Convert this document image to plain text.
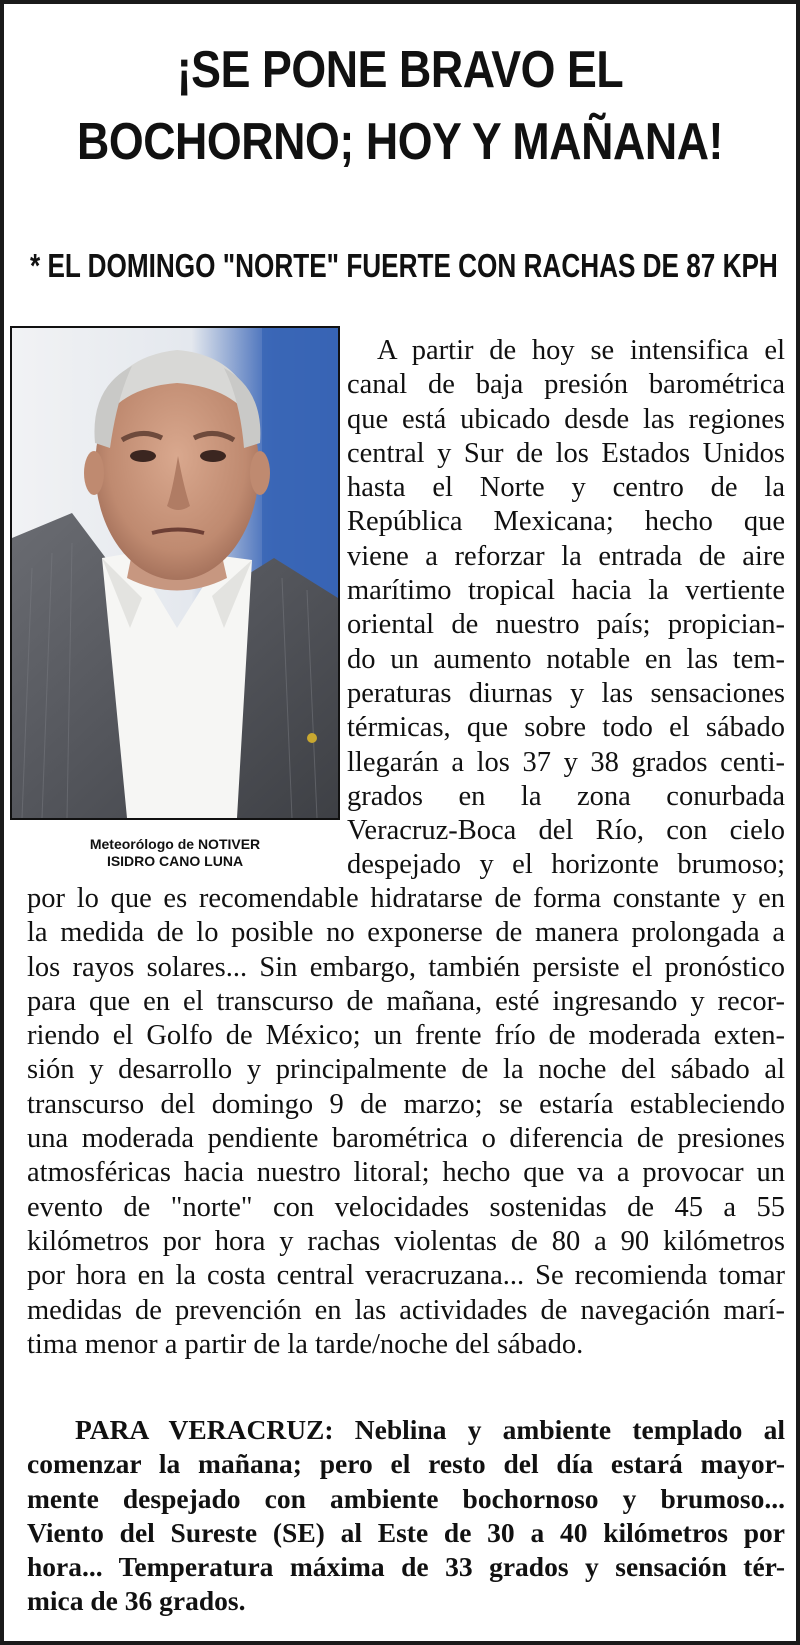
¡SE PONE BRAVO EL
BOCHORNO; HOY Y MAÑANA!
* EL DOMINGO "NORTE" FUERTE CON RACHAS DE 87 KPH
Meteorólogo de NOTIVER
ISIDRO CANO LUNA

A partir de hoy se intensifica el
canal de baja presión barométrica
que está ubicado desde las regiones
central y Sur de los Estados Unidos
hasta el Norte y centro de la
República Mexicana; hecho que
viene a reforzar la entrada de aire
marítimo tropical hacia la vertiente
oriental de nuestro país; propician-
do un aumento notable en las tem-
peraturas diurnas y las sensaciones
térmicas, que sobre todo el sábado
llegarán a los 37 y 38 grados centi-
grados en la zona conurbada
Veracruz-Boca del Río, con cielo
despejado y el horizonte brumoso;

por lo que es recomendable hidratarse de forma constante y en
la medida de lo posible no exponerse de manera prolongada a
los rayos solares... Sin embargo, también persiste el pronóstico
para que en el transcurso de mañana, esté ingresando y recor-
riendo el Golfo de México; un frente frío de moderada exten-
sión y desarrollo y principalmente de la noche del sábado al
transcurso del domingo 9 de marzo; se estaría estableciendo
una moderada pendiente barométrica o diferencia de presiones
atmosféricas hacia nuestro litoral; hecho que va a provocar un
evento de "norte" con velocidades sostenidas de 45 a 55
kilómetros por hora y rachas violentas de 80 a 90 kilómetros
por hora en la costa central veracruzana... Se recomienda tomar
medidas de prevención en las actividades de navegación marí-
tima menor a partir de la tarde/noche del sábado.

PARA VERACRUZ: Neblina y ambiente templado al
comenzar la mañana; pero el resto del día estará mayor-
mente despejado con ambiente bochornoso y brumoso...
Viento del Sureste (SE) al Este de 30 a 40 kilómetros por
hora... Temperatura máxima de 33 grados y sensación tér-
mica de 36 grados.
